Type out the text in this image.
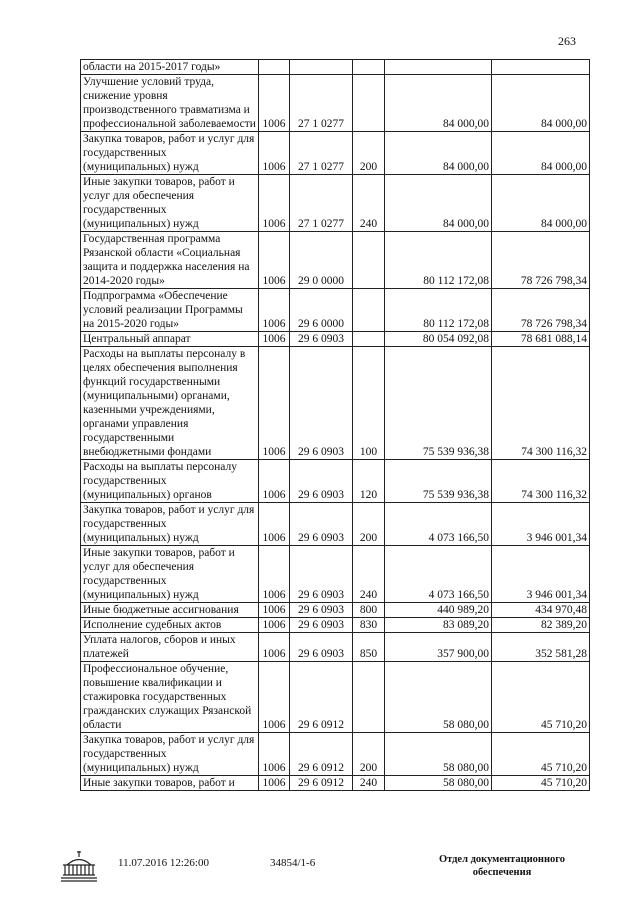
263
области на 2015-2017 годы»					
Улучшение условий труда, снижение уровня производственного травматизма и профессиональной заболеваемости	1006	27 1 0277		84 000,00	84 000,00
Закупка товаров, работ и услуг для государственных (муниципальных) нужд	1006	27 1 0277	200	84 000,00	84 000,00
Иные закупки товаров, работ и услуг для обеспечения государственных (муниципальных) нужд	1006	27 1 0277	240	84 000,00	84 000,00
Государственная программа Рязанской области «Социальная защита и поддержка населения на 2014-2020 годы»	1006	29 0 0000		80 112 172,08	78 726 798,34
Подпрограмма «Обеспечение условий реализации Программы на 2015-2020 годы»	1006	29 6 0000		80 112 172,08	78 726 798,34
Центральный аппарат	1006	29 6 0903		80 054 092,08	78 681 088,14
Расходы на выплаты персоналу в целях обеспечения выполнения функций государственными (муниципальными) органами, казенными учреждениями, органами управления государственными внебюджетными фондами	1006	29 6 0903	100	75 539 936,38	74 300 116,32
Расходы на выплаты персоналу государственных (муниципальных) органов	1006	29 6 0903	120	75 539 936,38	74 300 116,32
Закупка товаров, работ и услуг для государственных (муниципальных) нужд	1006	29 6 0903	200	4 073 166,50	3 946 001,34
Иные закупки товаров, работ и услуг для обеспечения государственных (муниципальных) нужд	1006	29 6 0903	240	4 073 166,50	3 946 001,34
Иные бюджетные ассигнования	1006	29 6 0903	800	440 989,20	434 970,48
Исполнение судебных актов	1006	29 6 0903	830	83 089,20	82 389,20
Уплата налогов, сборов и иных платежей	1006	29 6 0903	850	357 900,00	352 581,28
Профессиональное обучение, повышение квалификации и стажировка государственных гражданских служащих Рязанской области	1006	29 6 0912		58 080,00	45 710,20
Закупка товаров, работ и услуг для государственных (муниципальных) нужд	1006	29 6 0912	200	58 080,00	45 710,20
Иные закупки товаров, работ и	1006	29 6 0912	240	58 080,00	45 710,20
11.07.2016 12:26:00	34854/1-6	Отдел документационного
обеспечения
